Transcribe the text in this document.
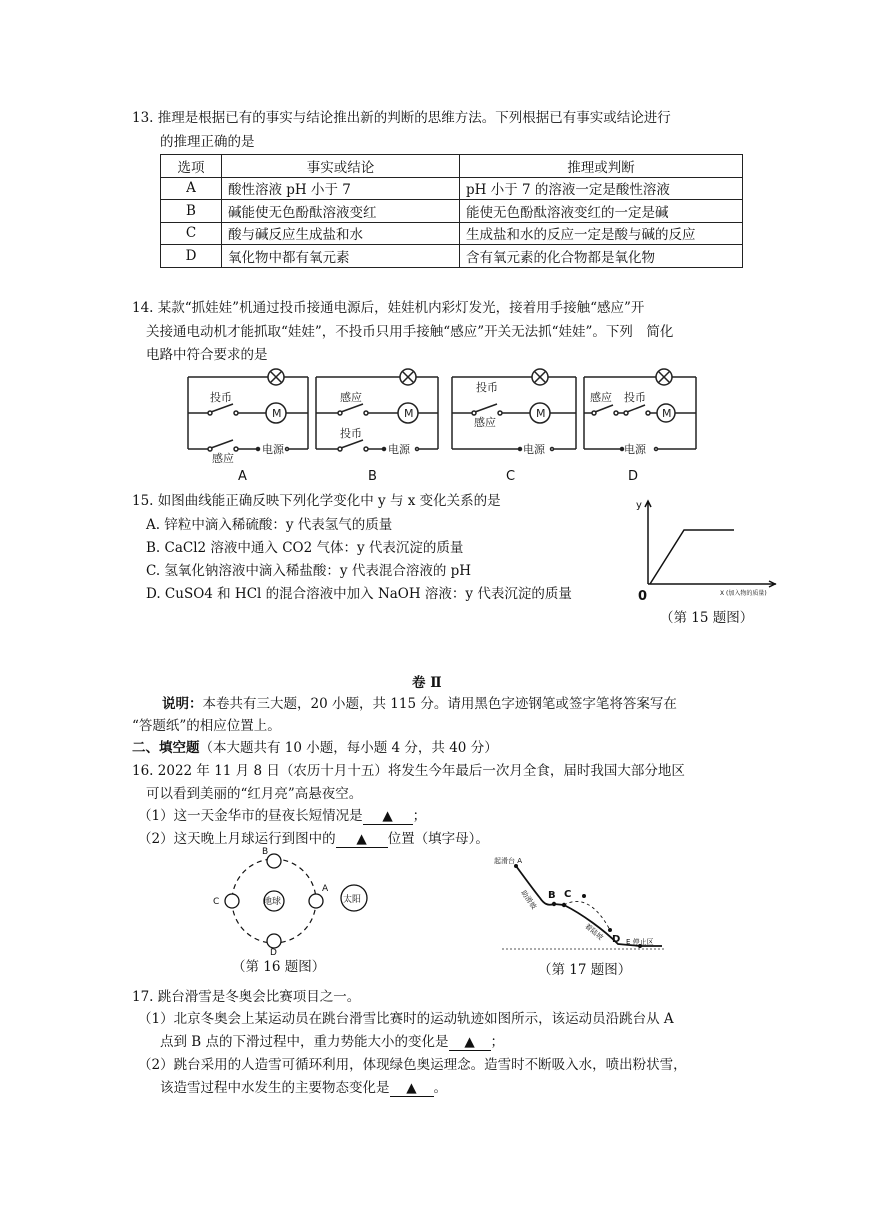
13. 推理是根据已有的事实与结论推出新的判断的思维方法。下列根据已有事实或结论进行
的推理正确的是
选项	事实或结论	推理或判断
A	酸性溶液 pH 小于 7	pH 小于 7 的溶液一定是酸性溶液
B	碱能使无色酚酞溶液变红	能使无色酚酞溶液变红的一定是碱
C	酸与碱反应生成盐和水	生成盐和水的反应一定是酸与碱的反应
D	氧化物中都有氧元素	含有氧元素的化合物都是氧化物
14. 某款“抓娃娃”机通过投币接通电源后，娃娃机内彩灯发光，接着用手接触“感应”开
关接通电动机才能抓取“娃娃”，不投币只用手接触“感应”开关无法抓“娃娃”。下列　简化
电路中符合要求的是
M	M	M	M
投币
感应
电源
感应
投币
电源
投币
感应
电源
感应 投币
电源
A	B	C	D
15. 如图曲线能正确反映下列化学变化中 y 与 x 变化关系的是
A. 锌粒中滴入稀硫酸：y 代表氢气的质量
B. CaCl2 溶液中通入 CO2 气体：y 代表沉淀的质量
C. 氢氧化钠溶液中滴入稀盐酸：y 代表混合溶液的 pH
D. CuSO4 和 HCl 的混合溶液中加入 NaOH 溶液：y 代表沉淀的质量
y
0	X (加入物的质量)
（第 15 题图）
卷 Ⅱ
说明：本卷共有三大题，20 小题，共 115 分。请用黑色字迹钢笔或签字笔将答案写在
“答题纸”的相应位置上。
二、填空题（本大题共有 10 小题，每小题 4 分，共 40 分）
16. 2022 年 11 月 8 日（农历十月十五）将发生今年最后一次月全食，届时我国大部分地区
可以看到美丽的“红月亮”高悬夜空。
（1）这一天金华市的昼夜长短情况是 ▲ ；
（2）这天晚上月球运行到图中的 ▲ 位置（填字母）。
地球	太阳
A
B
C
D
（第 16 题图）
起滑台 A
助滑坡
着陆坡
E 停止区
B C
D
（第 17 题图）
17. 跳台滑雪是冬奥会比赛项目之一。
（1）北京冬奥会上某运动员在跳台滑雪比赛时的运动轨迹如图所示，该运动员沿跳台从 A
点到 B 点的下滑过程中，重力势能大小的变化是 ▲ ；
（2）跳台采用的人造雪可循环利用，体现绿色奥运理念。造雪时不断吸入水，喷出粉状雪，
该造雪过程中水发生的主要物态变化是 ▲ 。
